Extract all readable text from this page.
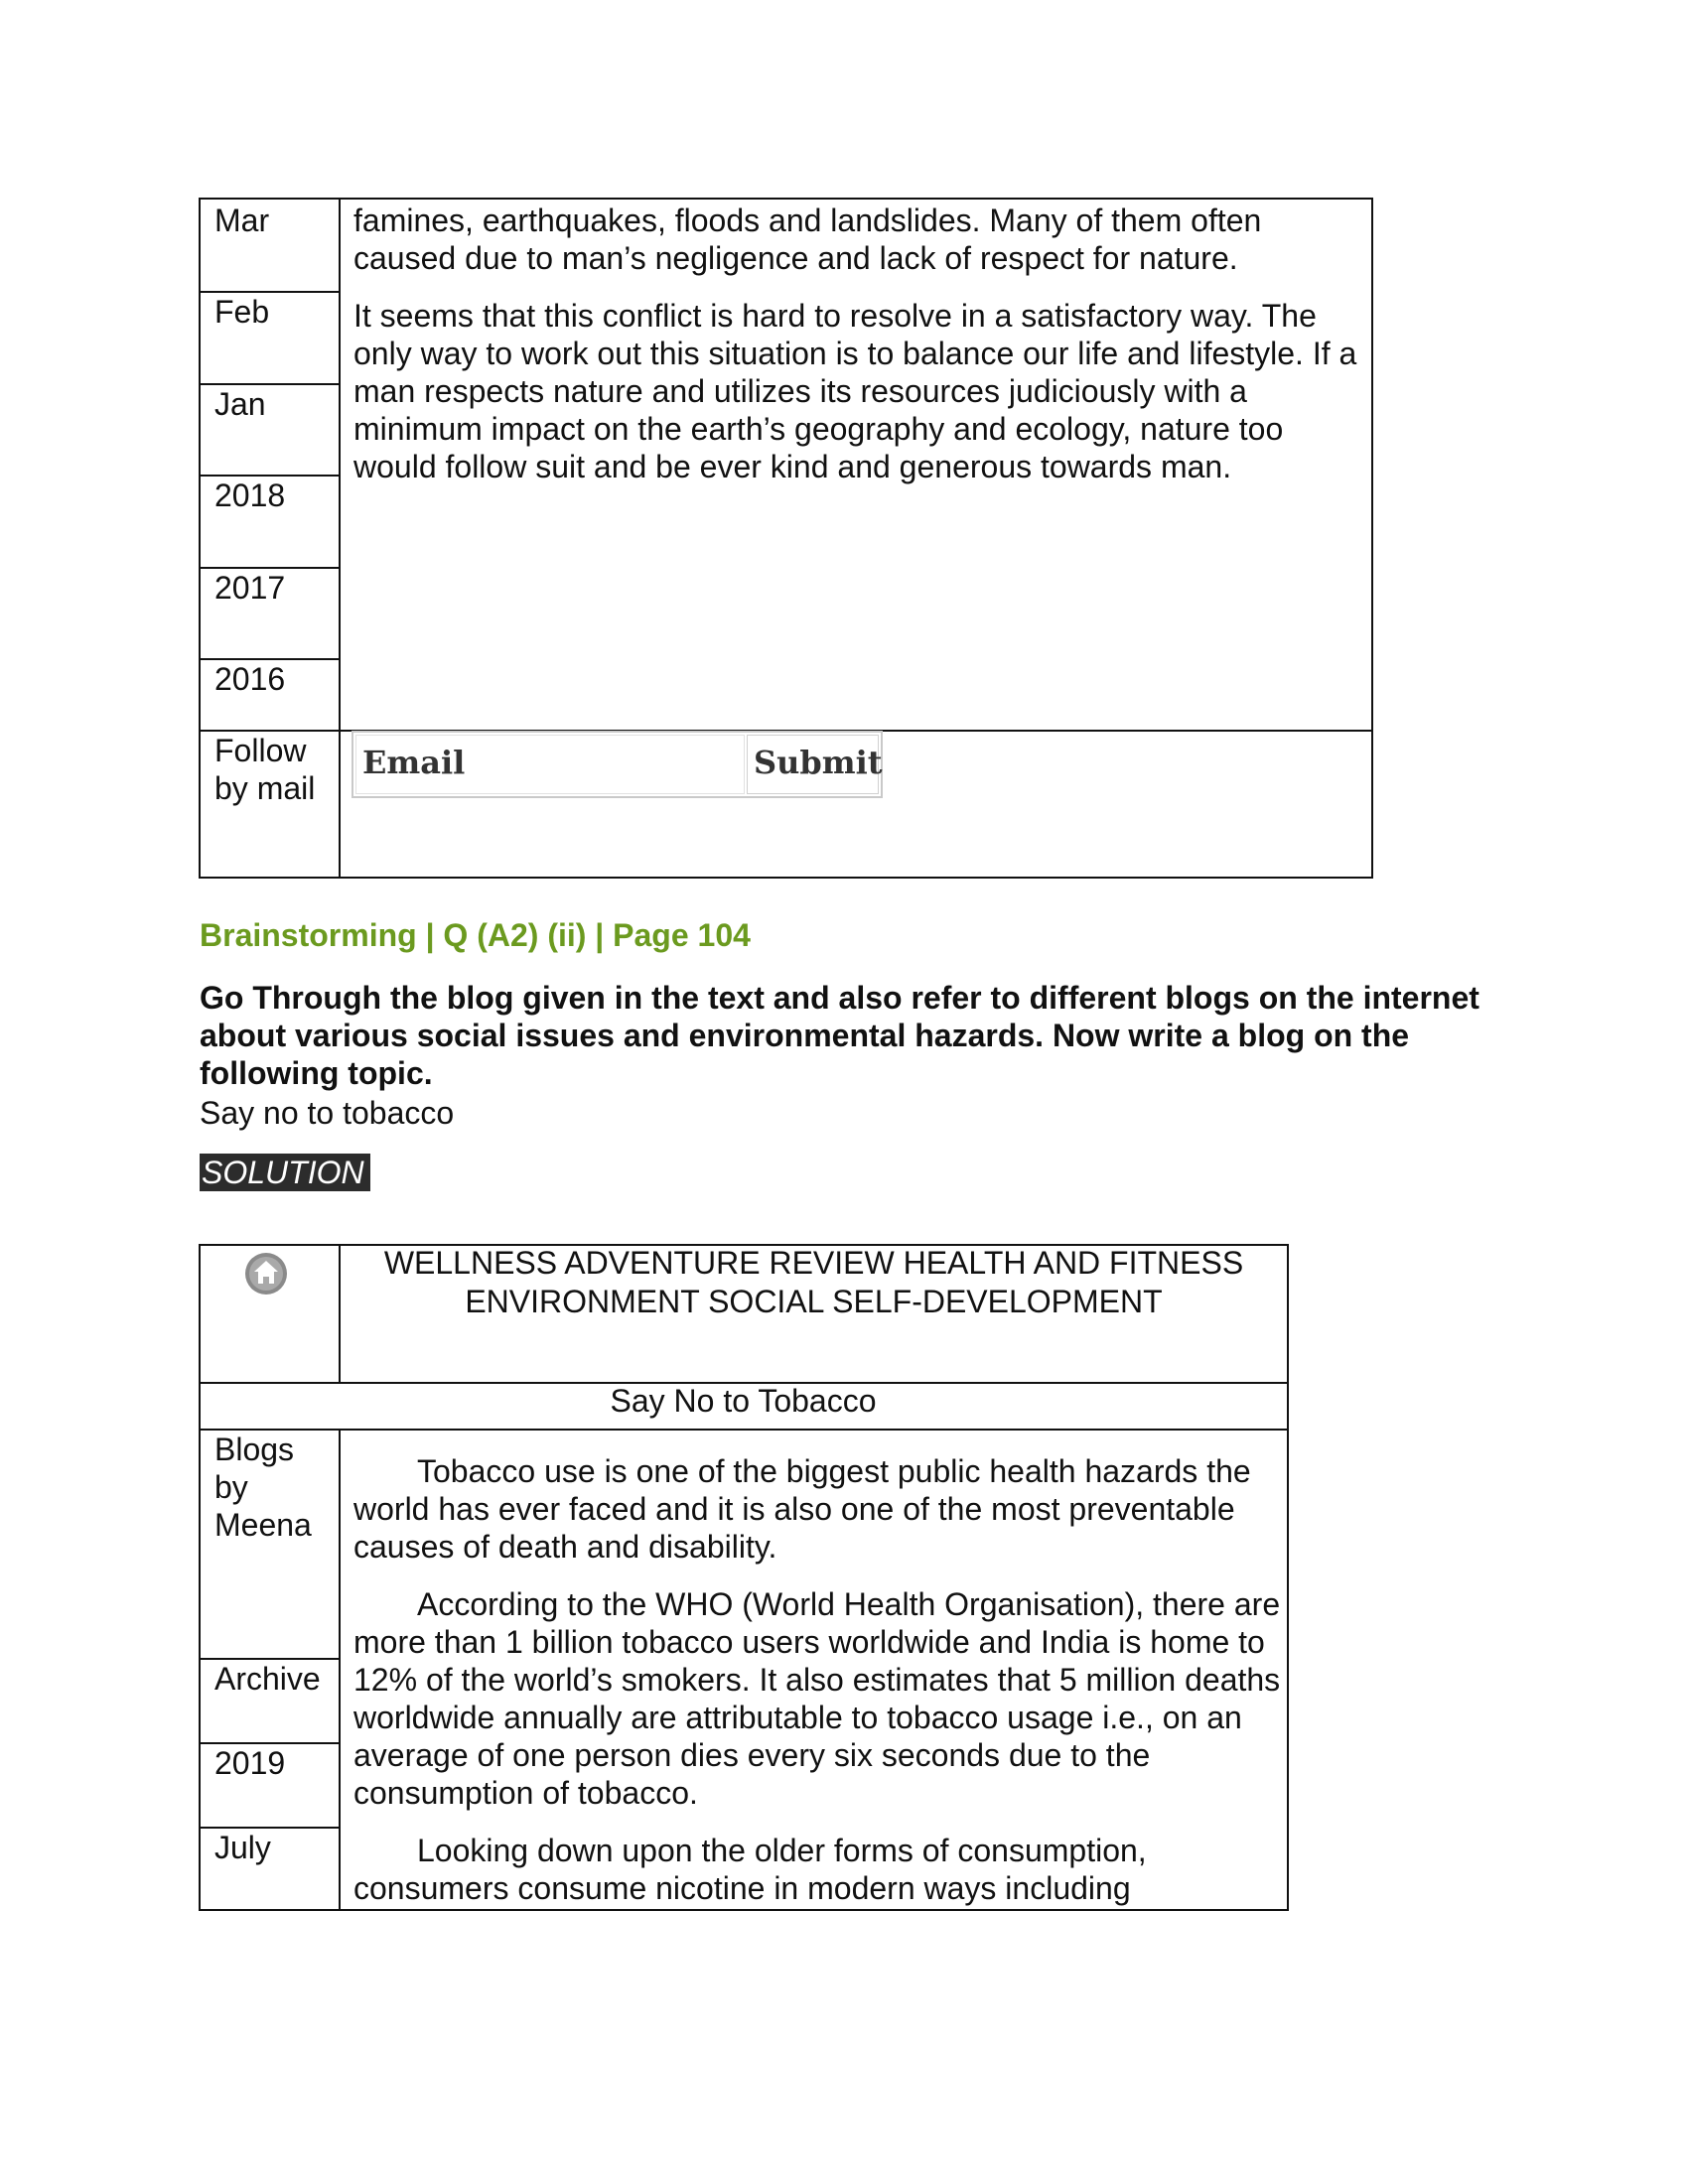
Mar
Feb
Jan
2018
2017
2016

famines, earthquakes, floods and landslides. Many of them often caused due to man’s negligence and lack of respect for nature.

It seems that this conflict is hard to resolve in a satisfactory way. The only way to work out this situation is to balance our life and lifestyle. If a man respects nature and utilizes its resources judiciously with a minimum impact on the earth’s geography and ecology, nature too would follow suit and be ever kind and generous towards man.

Follow by mail
Email	Submit
Brainstorming | Q (A2) (ii) | Page 104
Go Through the blog given in the text and also refer to different blogs on the internet about various social issues and environmental hazards. Now write a blog on the following topic.
Say no to tobacco
SOLUTION
Blogs by Meena
Archive
2019
July

Tobacco use is one of the biggest public health hazards the world has ever faced and it is also one of the most preventable causes of death and disability.

According to the WHO (World Health Organisation), there are more than 1 billion tobacco users worldwide and India is home to 12% of the world’s smokers. It also estimates that 5 million deaths worldwide annually are attributable to tobacco usage i.e., on an average of one person dies every six seconds due to the consumption of tobacco.

Looking down upon the older forms of consumption, consumers consume nicotine in modern ways including

WELLNESS ADVENTURE REVIEW HEALTH AND FITNESS ENVIRONMENT SOCIAL SELF-DEVELOPMENT
Say No to Tobacco
